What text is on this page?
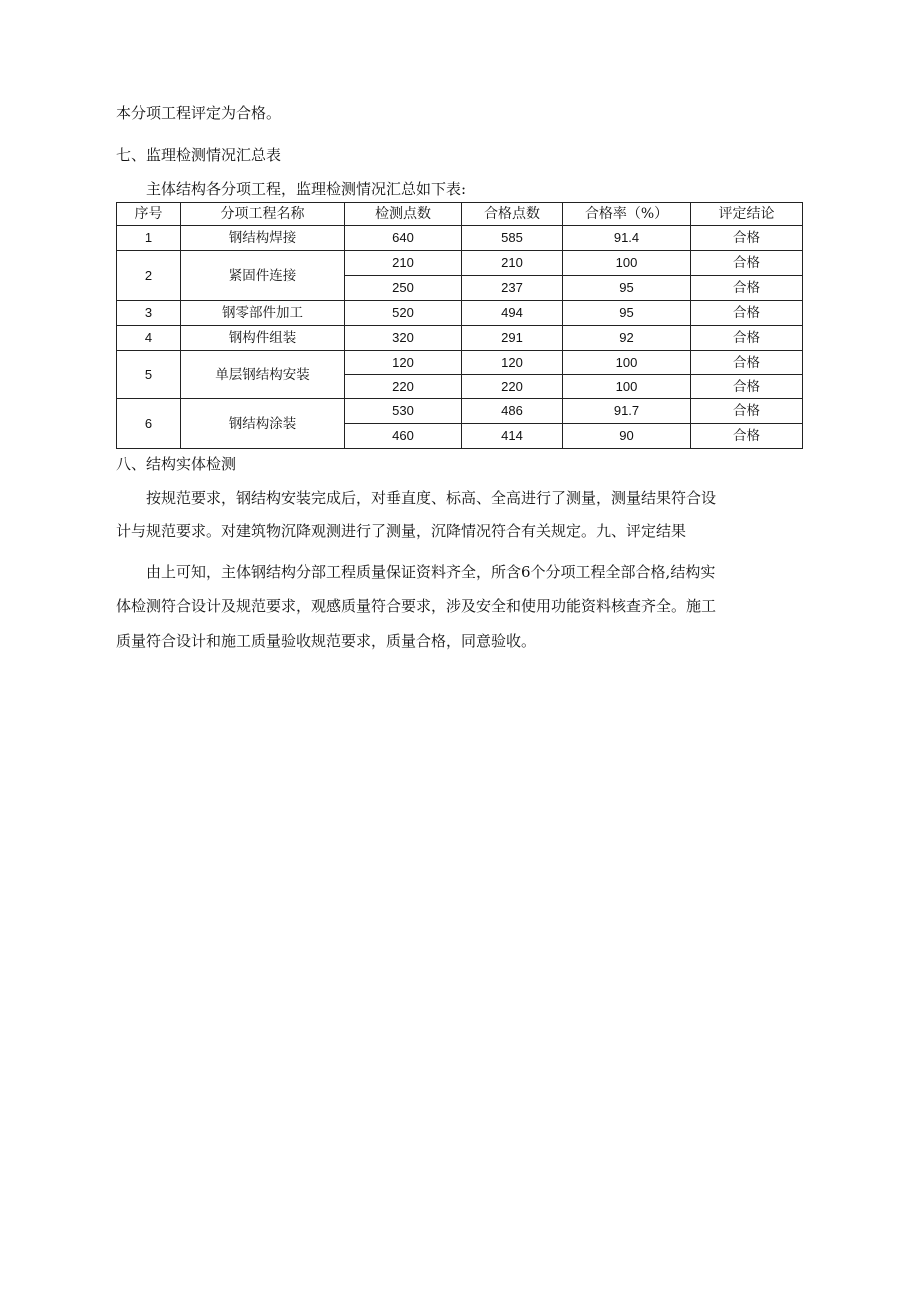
本分项工程评定为合格。
七、监理检测情况汇总表
主体结构各分项工程，监理检测情况汇总如下表:
序号	分项工程名称	检测点数	合格点数	合格率（%）	评定结论
1	钢结构焊接	640	585	91.4	合格
2	紧固件连接	210	210	100	合格
		250	237	95	合格
3	钢零部件加工	520	494	95	合格
4	钢构件组装	320	291	92	合格
5	单层钢结构安装	120	120	100	合格
		220	220	100	合格
6	钢结构涂装	530	486	91.7	合格
		460	414	90	合格
八、结构实体检测
按规范要求，钢结构安装完成后，对垂直度、标高、全高进行了测量，测量结果符合设
计与规范要求。对建筑物沉降观测进行了测量，沉降情况符合有关规定。九、评定结果
由上可知，主体钢结构分部工程质量保证资料齐全，所含6个分项工程全部合格,结构实
体检测符合设计及规范要求，观感质量符合要求，涉及安全和使用功能资料核查齐全。施工
质量符合设计和施工质量验收规范要求，质量合格，同意验收。
